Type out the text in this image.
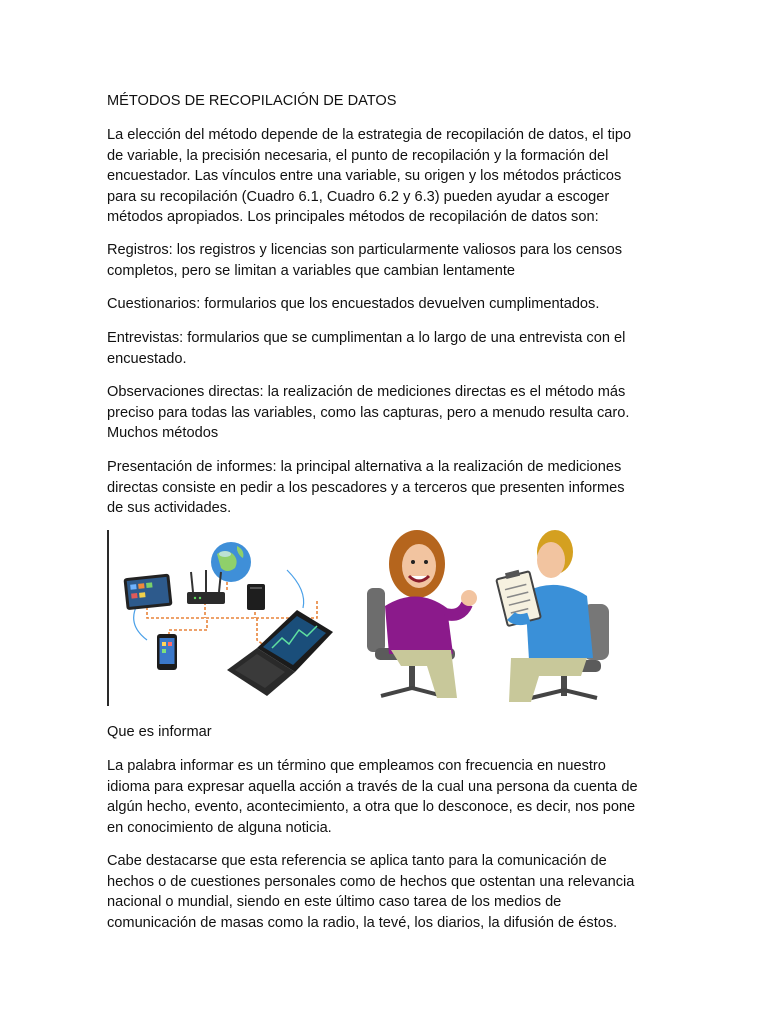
MÉTODOS DE RECOPILACIÓN DE DATOS

La elección del método depende de la estrategia de recopilación de datos, el tipo

de variable, la precisión necesaria, el punto de recopilación y la formación del

encuestador. Las vínculos entre una variable, su origen y los métodos prácticos

para su recopilación (Cuadro 6.1, Cuadro 6.2 y 6.3) pueden ayudar a escoger

métodos apropiados. Los principales métodos de recopilación de datos son:

Registros: los registros y licencias son particularmente valiosos para los censos

completos, pero se limitan a variables que cambian lentamente

Cuestionarios: formularios que los encuestados devuelven cumplimentados.

Entrevistas: formularios que se cumplimentan a lo largo de una entrevista con el

encuestado.

Observaciones directas: la realización de mediciones directas es el método más

preciso para todas las variables, como las capturas, pero a menudo resulta caro.

Muchos métodos

Presentación de informes: la principal alternativa a la realización de mediciones

directas consiste en pedir a los pescadores y a terceros que presenten informes

de sus actividades.

Que es informar

La palabra informar es un término que empleamos con frecuencia en nuestro

idioma para expresar aquella acción a través de la cual una persona da cuenta de

algún hecho, evento, acontecimiento, a otra que lo desconoce, es decir, nos pone

en conocimiento de alguna noticia.

Cabe destacarse que esta referencia se aplica tanto para la comunicación de

hechos o de cuestiones personales como de hechos que ostentan una relevancia

nacional o mundial, siendo en este último caso tarea de los medios de

comunicación de masas como la radio, la tevé, los diarios, la difusión de éstos.
